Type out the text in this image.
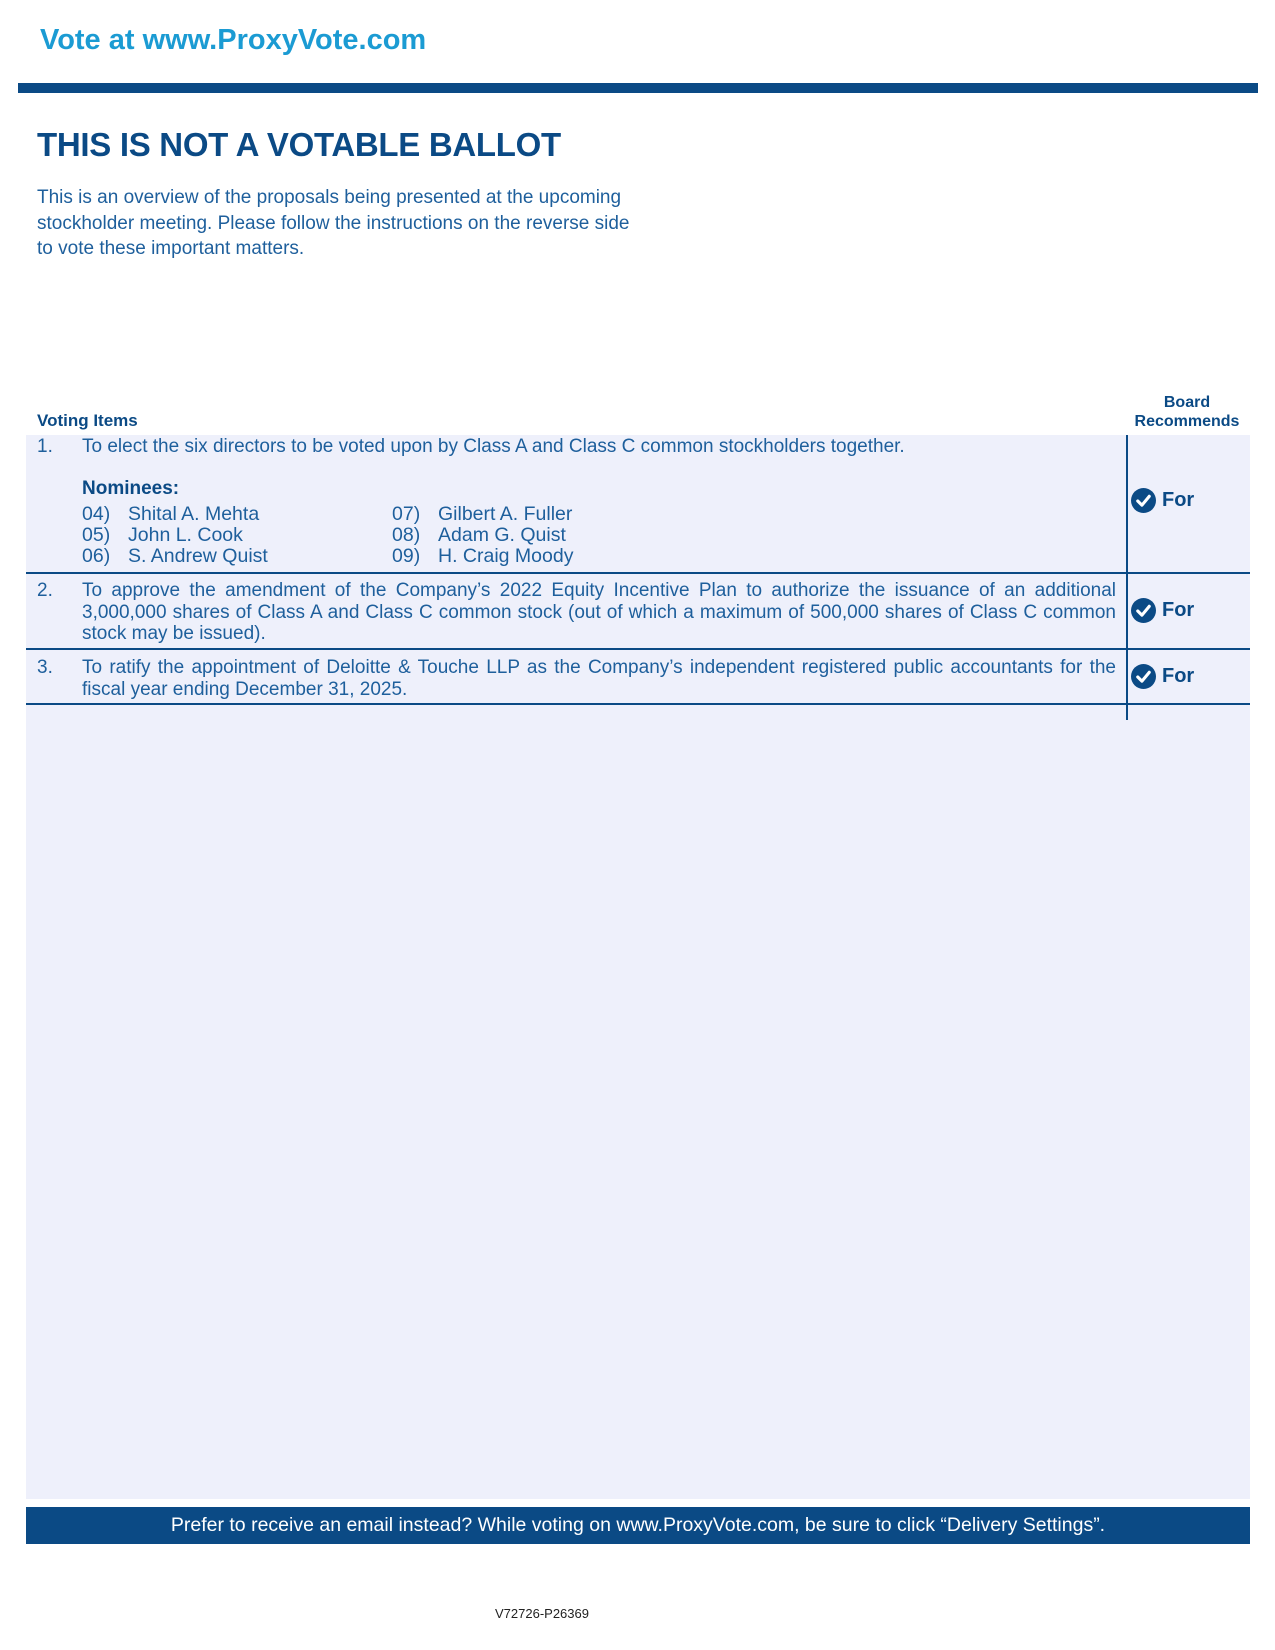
Vote at www.ProxyVote.com
THIS IS NOT A VOTABLE BALLOT

This is an overview of the proposals being presented at the upcoming stockholder meeting. Please follow the instructions on the reverse side to vote these important matters.

Voting Items
Board
Recommends
1. To elect the six directors to be voted upon by Class A and Class C common stockholders together.
Nominees:
04) Shital A. Mehta
05) John L. Cook
06) S. Andrew Quist
07) Gilbert A. Fuller
08) Adam G. Quist
09) H. Craig Moody
For
2. To approve the amendment of the Company’s 2022 Equity Incentive Plan to authorize the issuance of an additional 3,000,000 shares of Class A and Class C common stock (out of which a maximum of 500,000 shares of Class C common stock may be issued).
For
3. To ratify the appointment of Deloitte & Touche LLP as the Company’s independent registered public accountants for the fiscal year ending December 31, 2025.
For
Prefer to receive an email instead? While voting on www.ProxyVote.com, be sure to click “Delivery Settings”.
V72726-P26369
